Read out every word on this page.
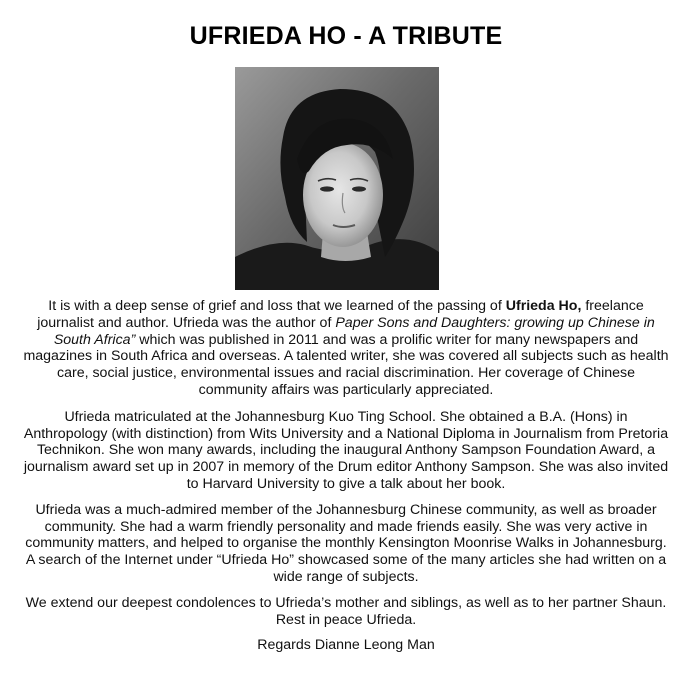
UFRIEDA HO - A TRIBUTE

It is with a deep sense of grief and loss that we learned of the passing of Ufrieda Ho, freelance journalist and author. Ufrieda was the author of Paper Sons and Daughters: growing up Chinese in South Africa” which was published in 2011 and was a prolific writer for many newspapers and magazines in South Africa and overseas. A talented writer, she was covered all subjects such as health care, social justice, environmental issues and racial discrimination. Her coverage of Chinese community affairs was particularly appreciated.

Ufrieda matriculated at the Johannesburg Kuo Ting School. She obtained a B.A. (Hons) in Anthropology (with distinction) from Wits University and a National Diploma in Journalism from Pretoria Technikon. She won many awards, including the inaugural Anthony Sampson Foundation Award, a journalism award set up in 2007 in memory of the Drum editor Anthony Sampson. She was also invited to Harvard University to give a talk about her book.

Ufrieda was a much-admired member of the Johannesburg Chinese community, as well as broader community. She had a warm friendly personality and made friends easily. She was very active in community matters, and helped to organise the monthly Kensington Moonrise Walks in Johannesburg. A search of the Internet under “Ufrieda Ho” showcased some of the many articles she had written on a wide range of subjects.

We extend our deepest condolences to Ufrieda’s mother and siblings, as well as to her partner Shaun. Rest in peace Ufrieda.

Regards Dianne Leong Man
